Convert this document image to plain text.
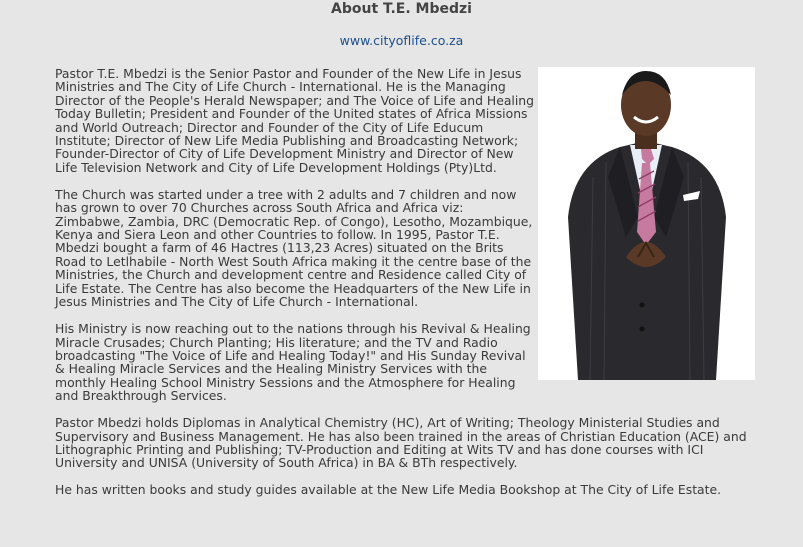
About T.E. Mbedzi
www.cityoflife.co.za

Pastor T.E. Mbedzi is the Senior Pastor and Founder of the New Life in Jesus Ministries and The City of Life Church - International. He is the Managing Director of the People's Herald Newspaper; and The Voice of Life and Healing Today Bulletin; President and Founder of the United states of Africa Missions and World Outreach; Director and Founder of the City of Life Educum Institute; Director of New Life Media Publishing and Broadcasting Network; Founder-Director of City of Life Development Ministry and Director of New Life Television Network and City of Life Development Holdings (Pty)Ltd.

The Church was started under a tree with 2 adults and 7 children and now has grown to over 70 Churches across South Africa and Africa viz: Zimbabwe, Zambia, DRC (Democratic Rep. of Congo), Lesotho, Mozambique, Kenya and Siera Leon and other Countries to follow. In 1995, Pastor T.E. Mbedzi bought a farm of 46 Hactres (113,23 Acres) situated on the Brits Road to Letlhabile - North West South Africa making it the centre base of the Ministries, the Church and development centre and Residence called City of Life Estate. The Centre has also become the Headquarters of the New Life in Jesus Ministries and The City of Life Church - International.

His Ministry is now reaching out to the nations through his Revival & Healing Miracle Crusades; Church Planting; His literature; and the TV and Radio broadcasting "The Voice of Life and Healing Today!" and His Sunday Revival & Healing Miracle Services and the Healing Ministry Services with the monthly Healing School Ministry Sessions and the Atmosphere for Healing and Breakthrough Services.

Pastor Mbedzi holds Diplomas in Analytical Chemistry (HC), Art of Writing; Theology Ministerial Studies and Supervisory and Business Management. He has also been trained in the areas of Christian Education (ACE) and Lithographic Printing and Publishing; TV-Production and Editing at Wits TV and has done courses with ICI University and UNISA (University of South Africa) in BA & BTh respectively.

He has written books and study guides available at the New Life Media Bookshop at The City of Life Estate.
